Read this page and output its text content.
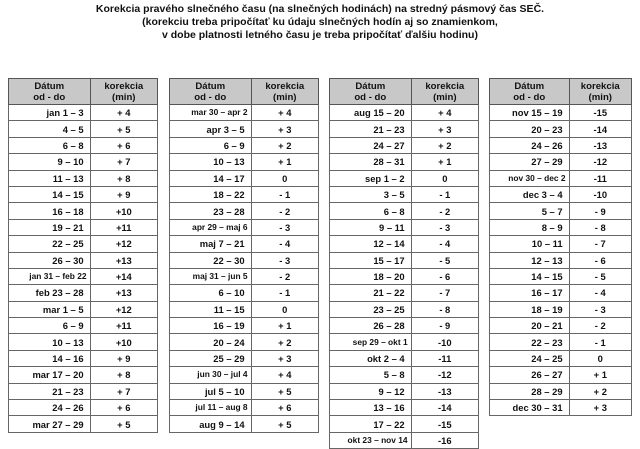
Korekcia pravého slnečného času (na slnečných hodinách) na stredný pásmový čas SEČ.
(korekciu treba pripočítať ku údaju slnečných hodín aj so znamienkom,
v dobe platnosti letného času je treba pripočítať ďalšiu hodinu)
Dátum
od - do	korekcia
(min)
jan 1 – 3	+ 4
4 – 5	+ 5
6 – 8	+ 6
9 – 10	+ 7
11 – 13	+ 8
14 – 15	+ 9
16 – 18	+10
19 – 21	+11
22 – 25	+12
26 – 30	+13
jan 31 – feb 22	+14
feb 23 – 28	+13
mar 1 – 5	+12
6 – 9	+11
10 – 13	+10
14 – 16	+ 9
mar 17 – 20	+ 8
21 – 23	+ 7
24 – 26	+ 6
mar 27 – 29	+ 5
Dátum
od - do	korekcia
(min)
mar 30 – apr 2	+ 4
apr 3 – 5	+ 3
6 – 9	+ 2
10 – 13	+ 1
14 – 17	0
18 – 22	- 1
23 – 28	- 2
apr 29 – maj 6	- 3
maj 7 – 21	- 4
22 – 30	- 3
maj 31 – jun 5	- 2
6 – 10	- 1
11 – 15	0
16 – 19	+ 1
20 – 24	+ 2
25 – 29	+ 3
jun 30 – jul 4	+ 4
jul 5 – 10	+ 5
jul 11 – aug 8	+ 6
aug 9 – 14	+ 5
Dátum
od - do	korekcia
(min)
aug 15 – 20	+ 4
21 – 23	+ 3
24 – 27	+ 2
28 – 31	+ 1
sep 1 – 2	0
3 – 5	- 1
6 – 8	- 2
9 – 11	- 3
12 – 14	- 4
15 – 17	- 5
18 – 20	- 6
21 – 22	- 7
23 – 25	- 8
26 – 28	- 9
sep 29 – okt 1	-10
okt 2 – 4	-11
5 – 8	-12
9 – 12	-13
13 – 16	-14
17 – 22	-15
okt 23 – nov 14	-16
Dátum
od - do	korekcia
(min)
nov 15 – 19	-15
20 – 23	-14
24 – 26	-13
27 – 29	-12
nov 30 – dec 2	-11
dec 3 – 4	-10
5 – 7	- 9
8 – 9	- 8
10 – 11	- 7
12 – 13	- 6
14 – 15	- 5
16 – 17	- 4
18 – 19	- 3
20 – 21	- 2
22 – 23	- 1
24 – 25	0
26 – 27	+ 1
28 – 29	+ 2
dec 30 – 31	+ 3
